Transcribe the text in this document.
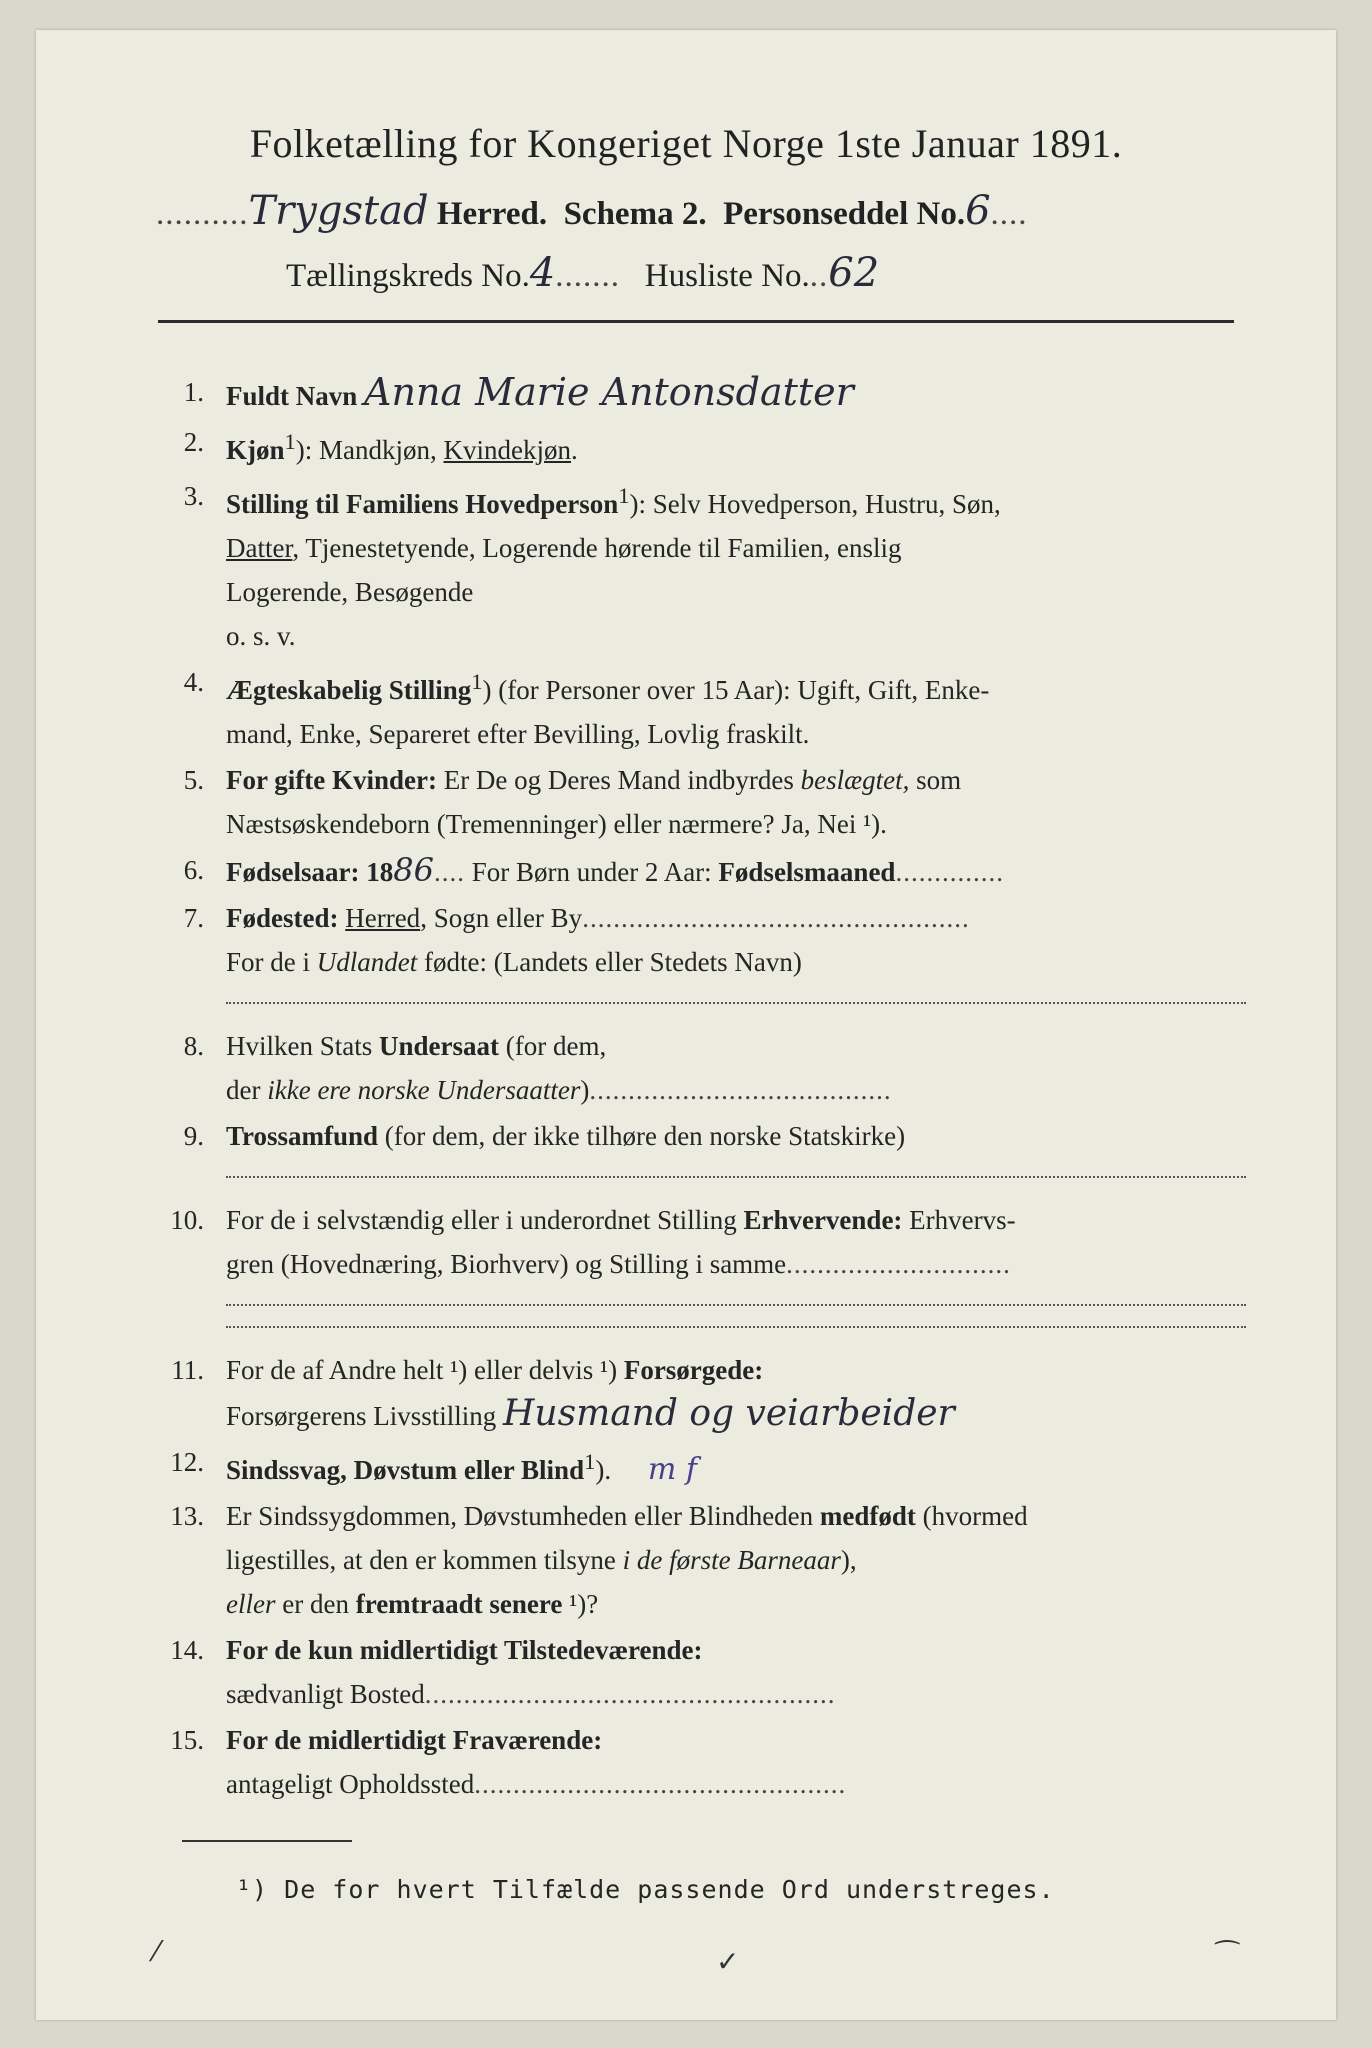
Folketælling for Kongeriget Norge 1ste Januar 1891.
..........Trygstad Herred. Schema 2. Personseddel No.6....
Tællingskreds No.4....... Husliste No...62
1. Fuldt Navn Anna Marie Antonsdatter
2. Kjøn$^1$): Mandkjøn, Kvindekjøn.
3. Stilling til Familiens Hovedperson$^1$): Selv Hovedperson, Hustru, Søn,
Datter, Tjenestetyende, Logerende hørende til Familien, enslig
Logerende, Besøgende
o. s. v.
4. Ægteskabelig Stilling$^1$) (for Personer over 15 Aar): Ugift, Gift, Enke-
mand, Enke, Separeret efter Bevilling, Lovlig fraskilt.
5. For gifte Kvinder: Er De og Deres Mand indbyrdes beslægtet, som
Næstsøskendeborn (Tremenninger) eller nærmere? Ja, Nei ¹).
6. Fødselsaar: 1886.... For Børn under 2 Aar: Fødselsmaaned..............
7. Fødested: Herred, Sogn eller By..................................................
For de i Udlandet fødte: (Landets eller Stedets Navn)
8. Hvilken Stats Undersaat (for dem,
der ikke ere norske Undersaatter).......................................
9. Trossamfund (for dem, der ikke tilhøre den norske Statskirke)
10. For de i selvstændig eller i underordnet Stilling Erhvervende: Erhvervs-
gren (Hovednæring, Biorhverv) og Stilling i samme.............................
11. For de af Andre helt ¹) eller delvis ¹) Forsørgede:
Forsørgerens Livsstilling Husmand og veiarbeider
12. Sindssvag, Døvstum eller Blind$^1$). m f
13. Er Sindssygdommen, Døvstumheden eller Blindheden medfødt (hvormed
ligestilles, at den er kommen tilsyne i de første Barneaar),
eller er den fremtraadt senere ¹)?
14. For de kun midlertidigt Tilstedeværende:
sædvanligt Bosted.....................................................
15. For de midlertidigt Fraværende:
antageligt Opholdssted................................................
¹) De for hvert Tilfælde passende Ord understreges.
⁄	✓	⁀
